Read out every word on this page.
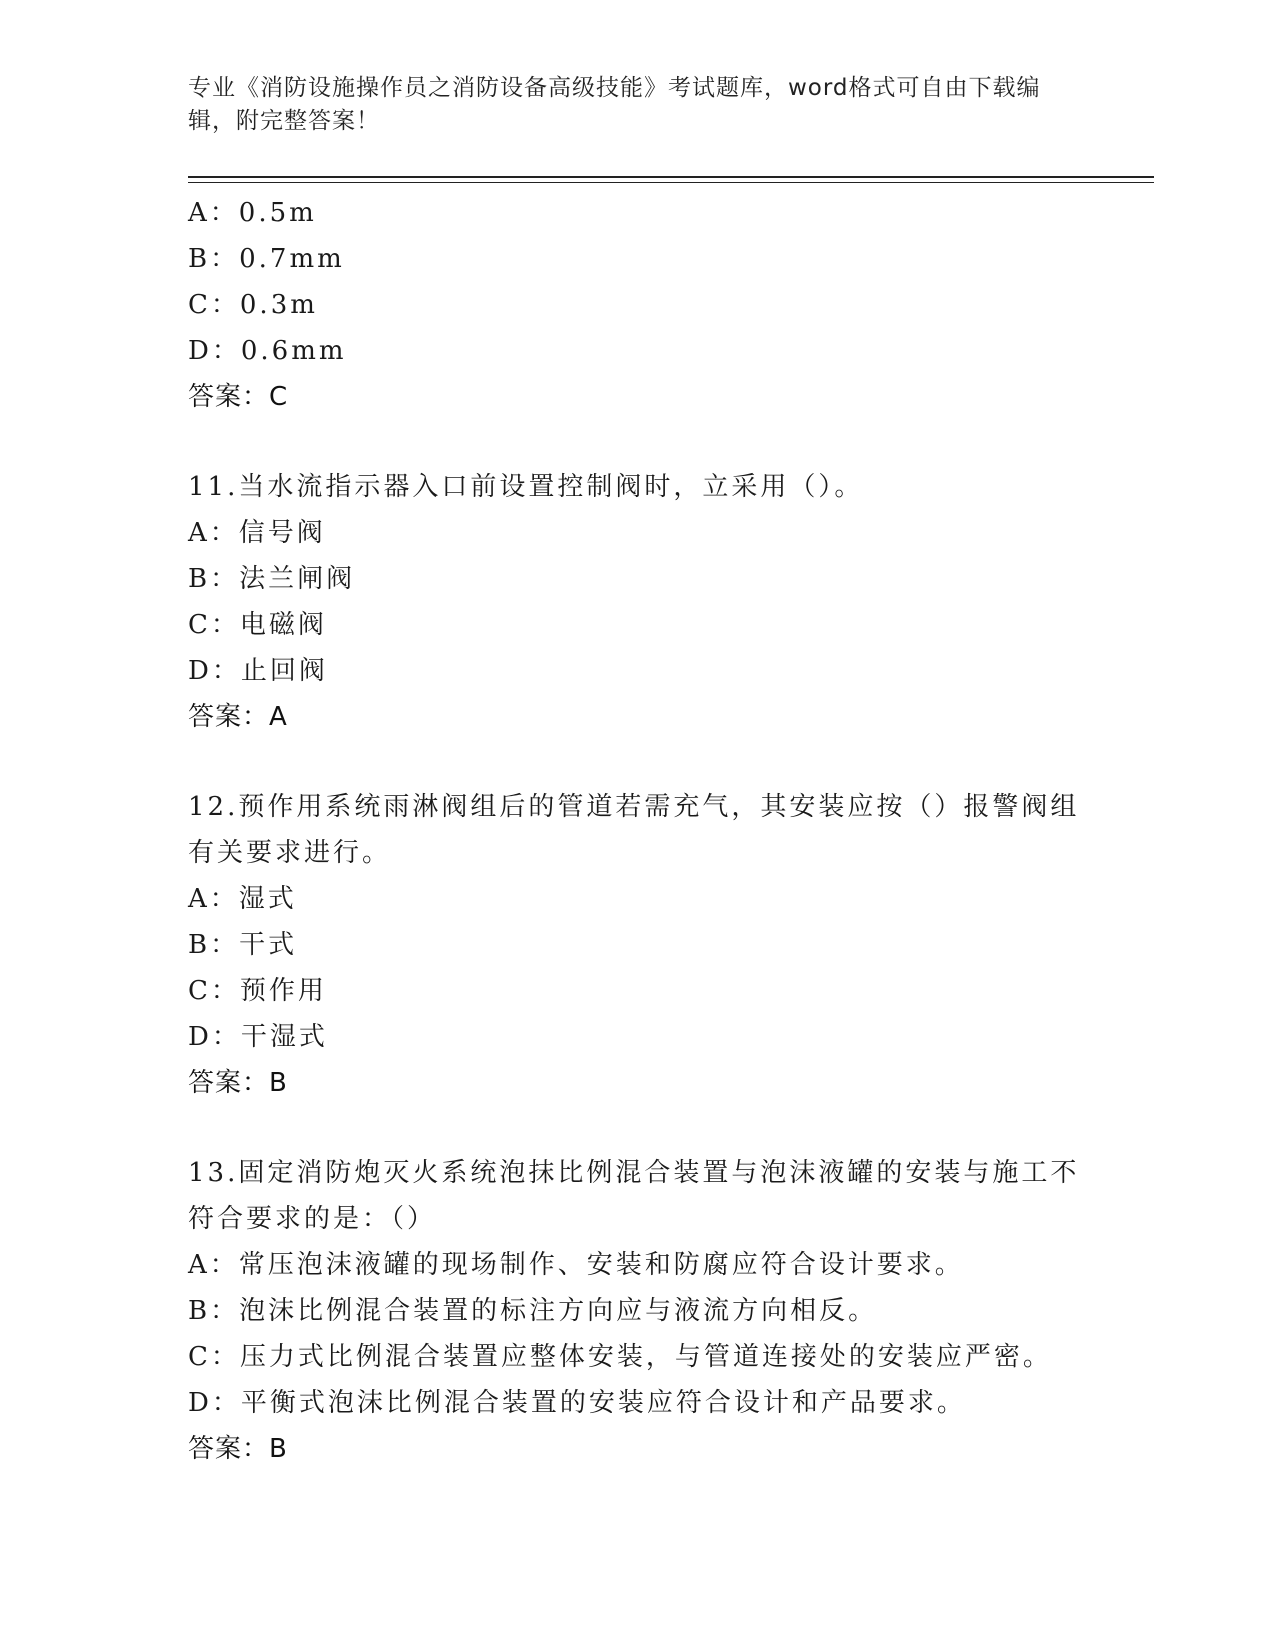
专业《消防设施操作员之消防设备高级技能》考试题库，word格式可自由下载编辑，附完整答案！
A：0.5m
B：0.7mm
C：0.3m
D：0.6mm
答案：C
11.当水流指示器入口前设置控制阀时，立采用（）。
A：信号阀
B：法兰闸阀
C：电磁阀
D：止回阀
答案：A
12.预作用系统雨淋阀组后的管道若需充气，其安装应按（）报警阀组有关要求进行。
A：湿式
B：干式
C：预作用
D：干湿式
答案：B
13.固定消防炮灭火系统泡抹比例混合装置与泡沫液罐的安装与施工不符合要求的是：（）
A：常压泡沫液罐的现场制作、安装和防腐应符合设计要求。
B：泡沫比例混合装置的标注方向应与液流方向相反。
C：压力式比例混合装置应整体安装，与管道连接处的安装应严密。
D：平衡式泡沫比例混合装置的安装应符合设计和产品要求。
答案：B
